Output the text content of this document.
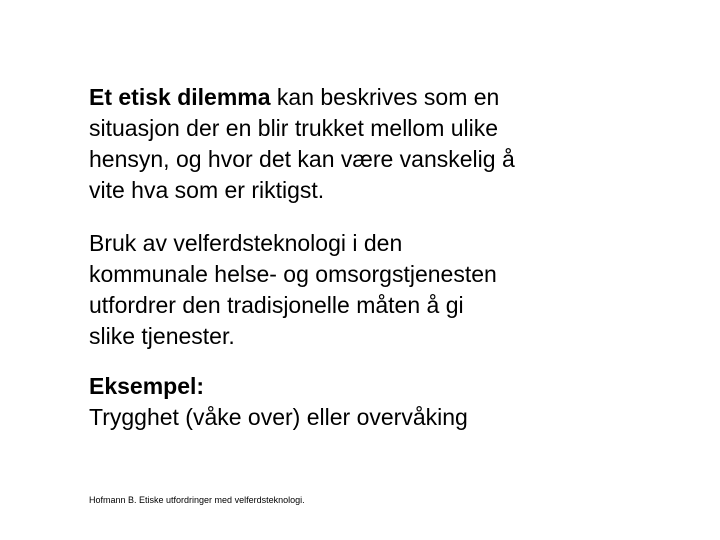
Et etisk dilemma kan beskrives som en
situasjon der en blir trukket mellom ulike
hensyn, og hvor det kan være vanskelig å
vite hva som er riktigst.
Bruk av velferdsteknologi i den
kommunale helse- og omsorgstjenesten
utfordrer den tradisjonelle måten å gi
slike tjenester.
Eksempel:
Trygghet (våke over) eller overvåking
Hofmann B. Etiske utfordringer med velferdsteknologi.
